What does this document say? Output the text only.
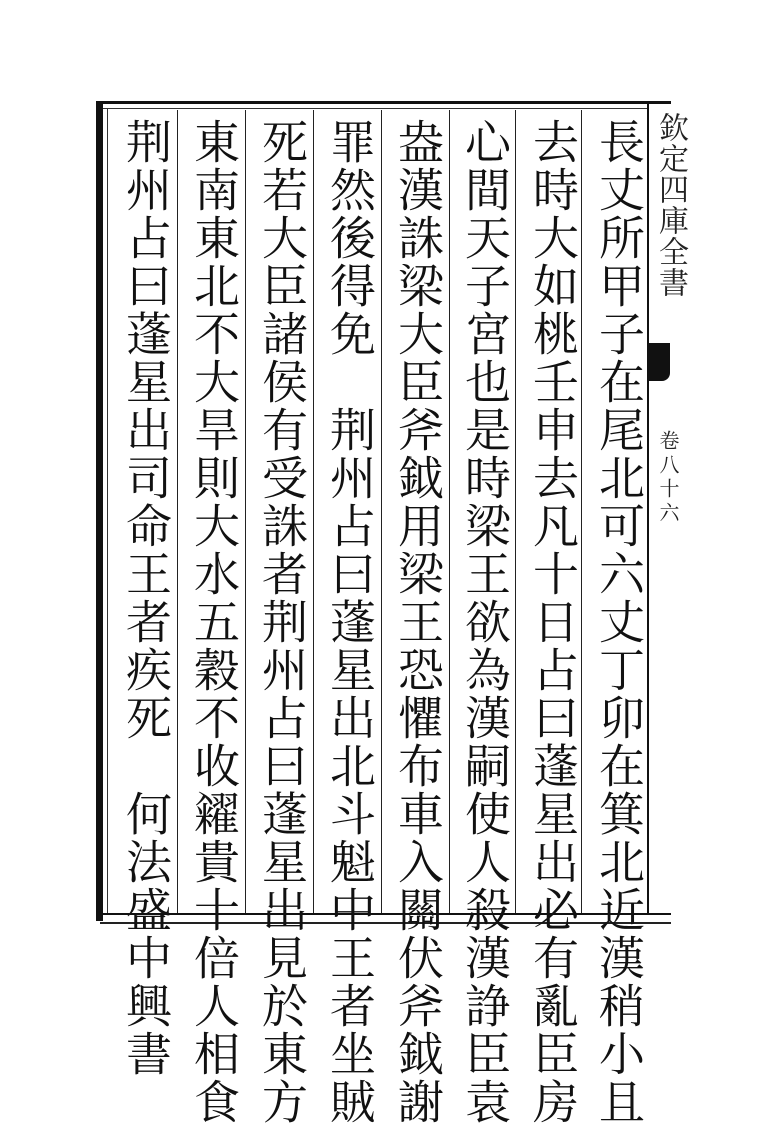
欽定四庫全書
卷八十六
長丈所甲子在尾北可六丈丁卯在箕北近漢稍小且
去時大如桃壬申去凡十日占曰蓬星出必有亂臣房
心間天子宮也是時梁王欲為漢嗣使人殺漢諍臣袁
盎漢誅梁大臣斧鉞用梁王恐懼布車入關伏斧鉞謝
罪然後得免　荆州占曰蓬星出北斗魁中王者坐賊
死若大臣諸侯有受誅者荆州占曰蓬星出見於東方
東南東北不大旱則大水五穀不收糴貴十倍人相食
荆州占曰蓬星出司命王者疾死　何法盛中興書
